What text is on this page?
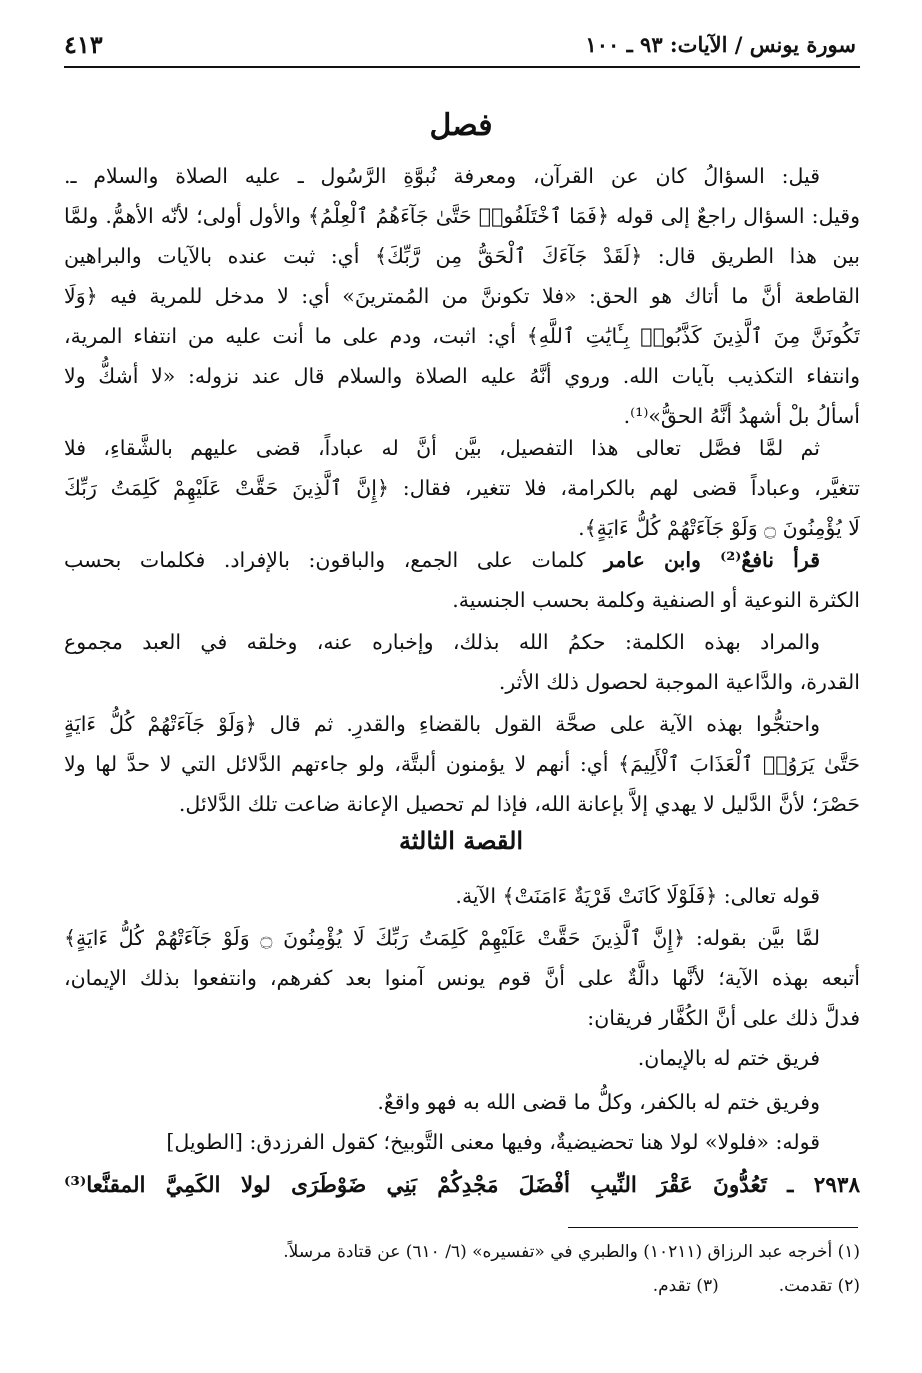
سورة يونس / الآيات: ٩٣ ـ ١٠٠
٤١٣
فصل
قيل: السؤالُ كان عن القرآن، ومعرفة نُبوَّةِ الرَّسُول ـ عليه الصلاة والسلام ـ.
وقيل: السؤال راجعٌ إلى قوله ﴿فَمَا ٱخْتَلَفُوا۟ حَتَّىٰ جَآءَهُمُ ٱلْعِلْمُ﴾ والأول أولى؛ لأنّه الأهمُّ. ولمَّا
بين هذا الطريق قال: ﴿لَقَدْ جَآءَكَ ٱلْحَقُّ مِن رَّبِّكَ﴾ أي: ثبت عنده بالآيات والبراهين
القاطعة أنَّ ما أتاك هو الحق: «فلا تكوننَّ من المُمترينَ» أي: لا مدخل للمرية فيه ﴿وَلَا
تَكُونَنَّ مِنَ ٱلَّذِينَ كَذَّبُوا۟ بِـَٔايَٰتِ ٱللَّهِ﴾ أي: اثبت، ودم على ما أنت عليه من انتفاء المرية،
وانتفاء التكذيب بآيات الله. وروي أنَّهُ عليه الصلاة والسلام قال عند نزوله: «لا أشكُّ ولا
أسألُ بلْ أشهدُ أنَّهُ الحقُّ»⁽¹⁾.
ثم لمَّا فصَّل تعالى هذا التفصيل، بيَّن أنَّ له عباداً، قضى عليهم بالشَّقاءِ، فلا
تتغيَّر، وعباداً قضى لهم بالكرامة، فلا تتغير، فقال: ﴿إِنَّ ٱلَّذِينَ حَقَّتْ عَلَيْهِمْ كَلِمَتُ رَبِّكَ
لَا يُؤْمِنُونَ ۝ وَلَوْ جَآءَتْهُمْ كُلُّ ءَايَةٍ﴾.
قرأ نافعٌ⁽²⁾ وابن عامر كلمات على الجمع، والباقون: بالإفراد. فكلمات بحسب
الكثرة النوعية أو الصنفية وكلمة بحسب الجنسية.
والمراد بهذه الكلمة: حكمُ الله بذلك، وإخباره عنه، وخلقه في العبد مجموع
القدرة، والدَّاعية الموجبة لحصول ذلك الأثر.
واحتجُّوا بهذه الآية على صحَّة القول بالقضاءِ والقدرِ. ثم قال ﴿وَلَوْ جَآءَتْهُمْ كُلُّ ءَايَةٍ
حَتَّىٰ يَرَوُا۟ ٱلْعَذَابَ ٱلْأَلِيمَ﴾ أي: أنهم لا يؤمنون ألبتَّة، ولو جاءتهم الدَّلائل التي لا حدَّ لها ولا
حَصْرَ؛ لأنَّ الدَّليل لا يهدي إلاَّ بإعانة الله، فإذا لم تحصيل الإعانة ضاعت تلك الدَّلائل.
القصة الثالثة
قوله تعالى: ﴿فَلَوْلَا كَانَتْ قَرْيَةٌ ءَامَنَتْ﴾ الآية.
لمَّا بيَّن بقوله: ﴿إِنَّ ٱلَّذِينَ حَقَّتْ عَلَيْهِمْ كَلِمَتُ رَبِّكَ لَا يُؤْمِنُونَ ۝ وَلَوْ جَآءَتْهُمْ كُلُّ ءَايَةٍ﴾
أتبعه بهذه الآية؛ لأنَّها دالَّةٌ على أنَّ قوم يونس آمنوا بعد كفرهم، وانتفعوا بذلك الإيمان،
فدلَّ ذلك على أنَّ الكُفَّار فريقان:
فريق ختم له بالإيمان.
وفريق ختم له بالكفر، وكلُّ ما قضى الله به فهو واقعٌ.
قوله: «فلولا» لولا هنا تحضيضيةٌ، وفيها معنى التَّوبيخ؛ كقول الفرزدق: [الطويل]
٢٩٣٨ ـ تَعُدُّونَ عَقْرَ النِّيبِ أفْضَلَ مَجْدِكُمْ بَنِي ضَوْطَرَى لولا الكَمِيَّ المقنَّعا⁽³⁾
(١) أخرجه عبد الرزاق (١٠٢١١) والطبري في «تفسيره» (٦/ ٦١٠) عن قتادة مرسلاً.
(٢) تقدمت.(٣) تقدم.
